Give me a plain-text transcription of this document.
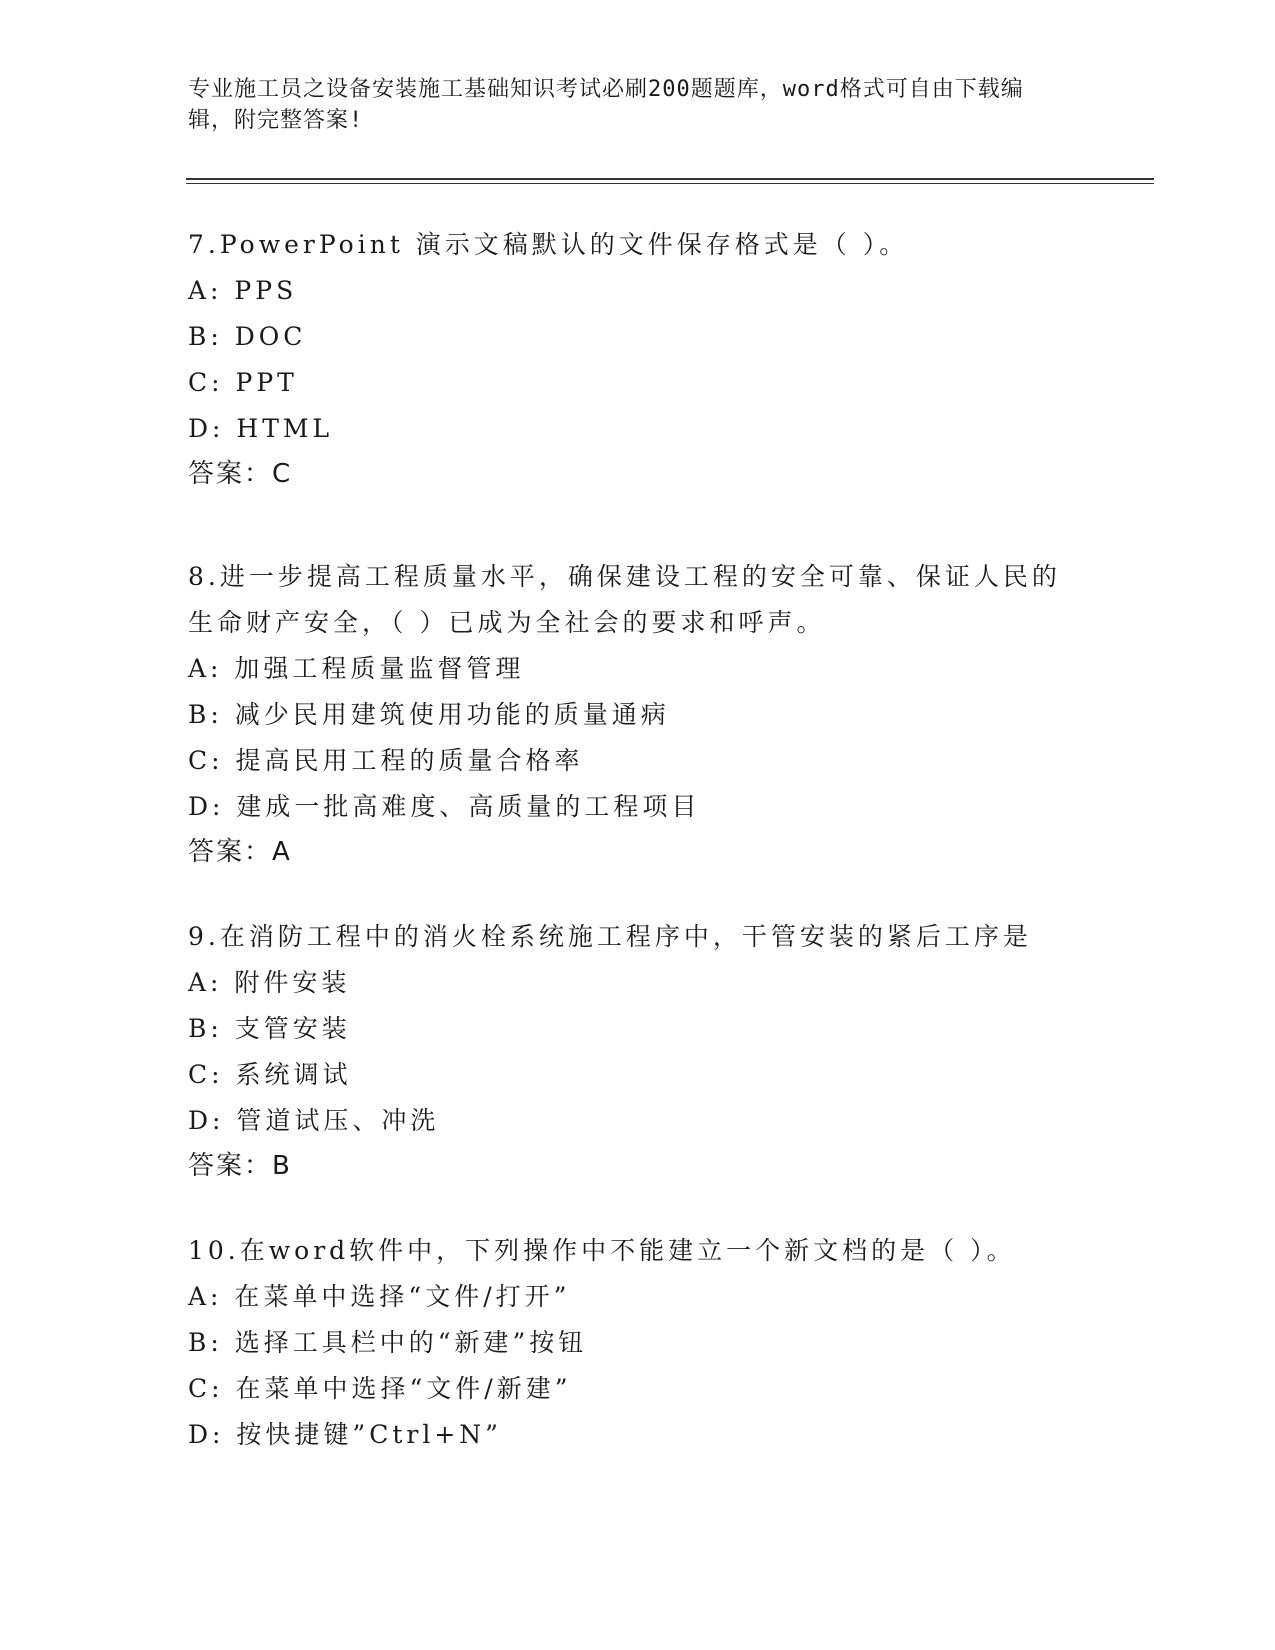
专业施工员之设备安装施工基础知识考试必刷200题题库，word格式可自由下载编辑，附完整答案!

7.PowerPoint 演示文稿默认的文件保存格式是（ ）。

A: PPS

B: DOC

C: PPT

D: HTML

答案：C

8.进一步提高工程质量水平，确保建设工程的安全可靠、保证人民的生命财产安全，（ ）已成为全社会的要求和呼声。

A: 加强工程质量监督管理

B: 减少民用建筑使用功能的质量通病

C: 提高民用工程的质量合格率

D: 建成一批高难度、高质量的工程项目

答案：A

9.在消防工程中的消火栓系统施工程序中，干管安装的紧后工序是

A: 附件安装

B: 支管安装

C: 系统调试

D: 管道试压、冲洗

答案：B

10.在word软件中，下列操作中不能建立一个新文档的是（ ）。

A: 在菜单中选择“文件/打开”

B: 选择工具栏中的“新建”按钮

C: 在菜单中选择“文件/新建”

D: 按快捷键”Ctrl+N”
